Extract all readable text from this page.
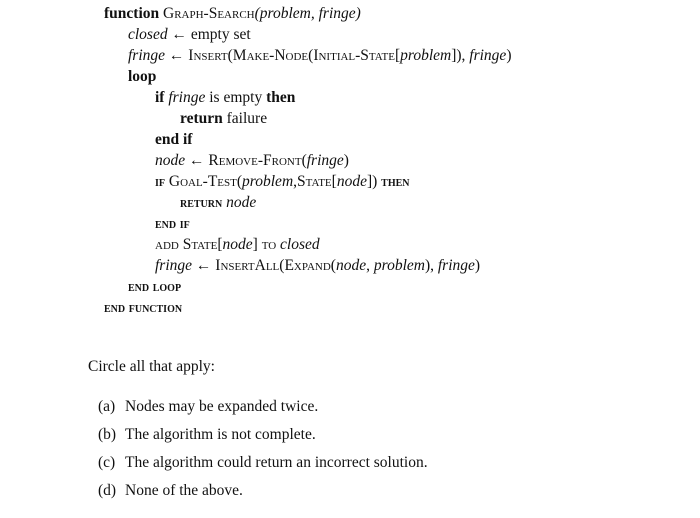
function Graph-Search(problem, fringe)
closed ← empty set
fringe ← Insert(Make-Node(Initial-State[problem]), fringe)
loop
if fringe is empty then
return failure
end if
node ← Remove-Front(fringe)
if Goal-Test(problem,State[node]) then
return node
end if
add State[node] to closed
fringe ← InsertAll(Expand(node, problem), fringe)
end loop
end function
Circle all that apply:
(a) Nodes may be expanded twice.
(b) The algorithm is not complete.
(c) The algorithm could return an incorrect solution.
(d) None of the above.
